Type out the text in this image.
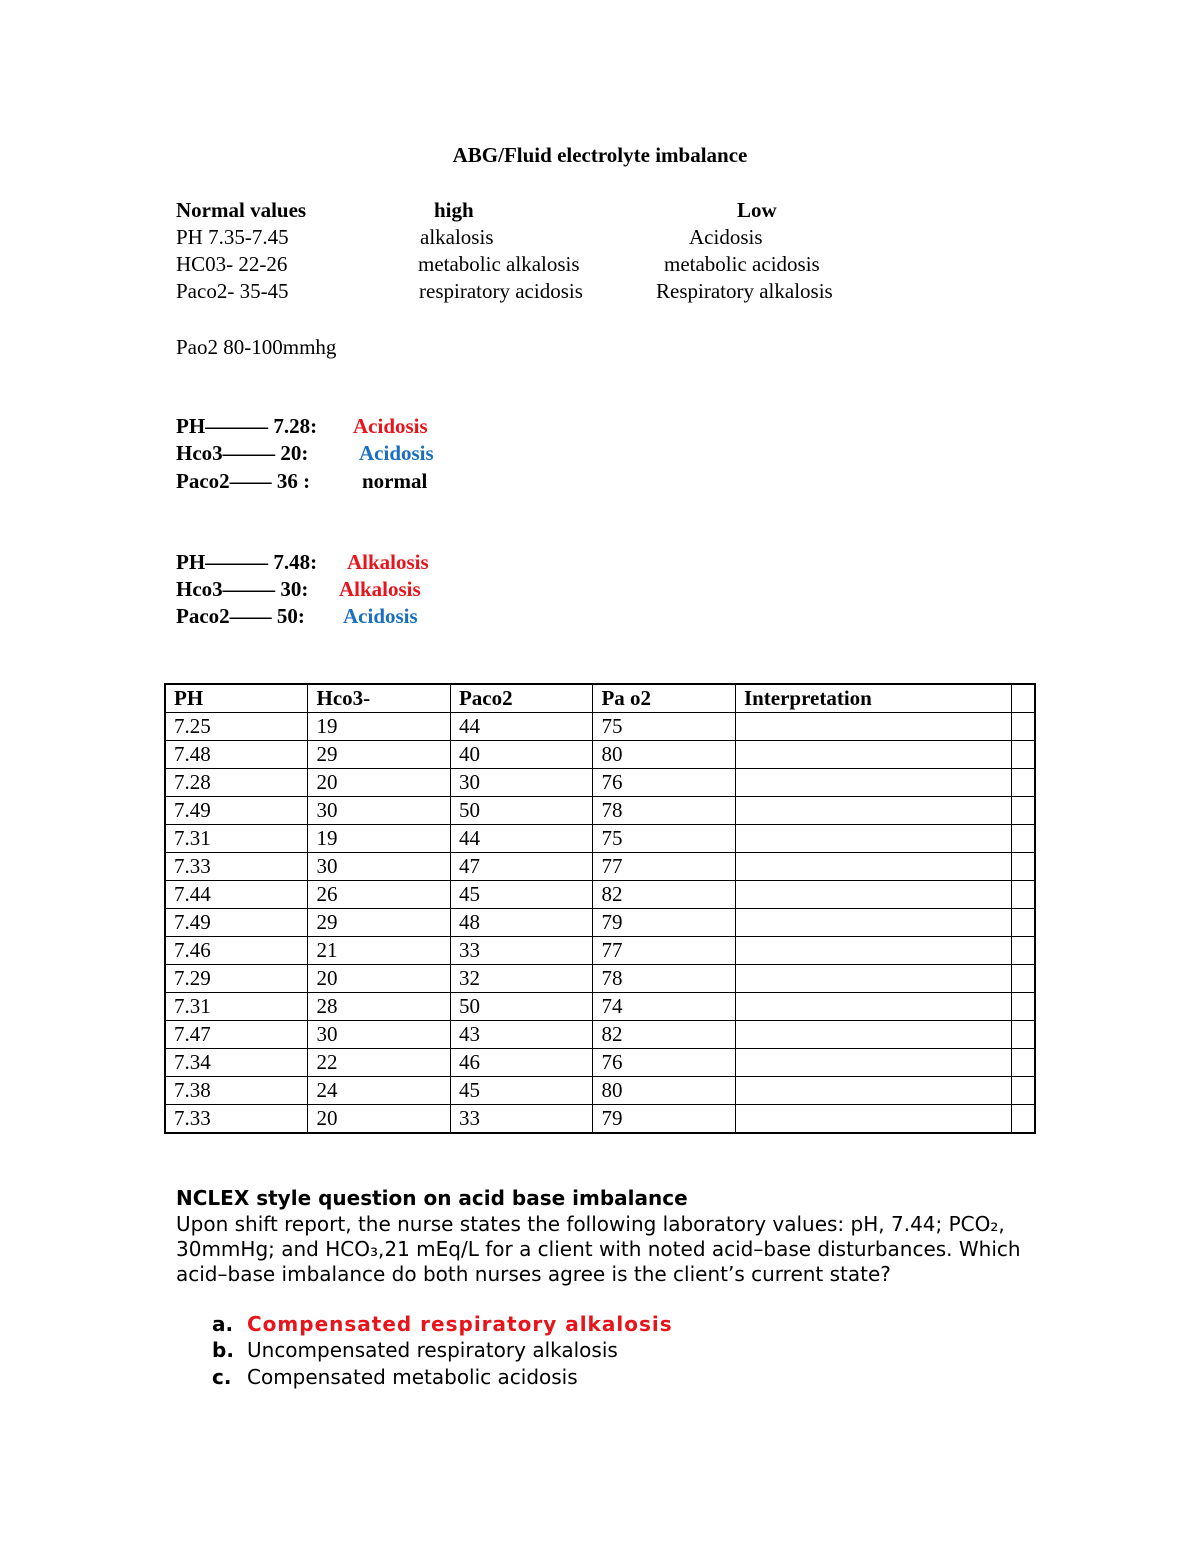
ABG/Fluid electrolyte imbalance
Normal values	high	Low
PH 7.35-7.45	alkalosis	Acidosis
HC03- 22-26	metabolic alkalosis	metabolic acidosis
Paco2- 35-45	respiratory acidosis	Respiratory alkalosis
Pao2 80-100mmhg
PH–––––– 7.28: Acidosis
Hco3––––– 20: Acidosis
Paco2–––– 36 : normal
PH–––––– 7.48: Alkalosis
Hco3––––– 30: Alkalosis
Paco2–––– 50: Acidosis
PH	Hco3-	Paco2	Pa o2	Interpretation	
7.25	19	44	75		
7.48	29	40	80		
7.28	20	30	76		
7.49	30	50	78		
7.31	19	44	75		
7.33	30	47	77		
7.44	26	45	82		
7.49	29	48	79		
7.46	21	33	77		
7.29	20	32	78		
7.31	28	50	74		
7.47	30	43	82		
7.34	22	46	76		
7.38	24	45	80		
7.33	20	33	79		
NCLEX style question on acid base imbalance
Upon shift report, the nurse states the following laboratory values: pH, 7.44; PCO₂, 30mmHg; and HCO₃,21 mEq/L for a client with noted acid–base disturbances. Which acid–base imbalance do both nurses agree is the client’s current state?
a. Compensated respiratory alkalosis
b. Uncompensated respiratory alkalosis
c. Compensated metabolic acidosis
